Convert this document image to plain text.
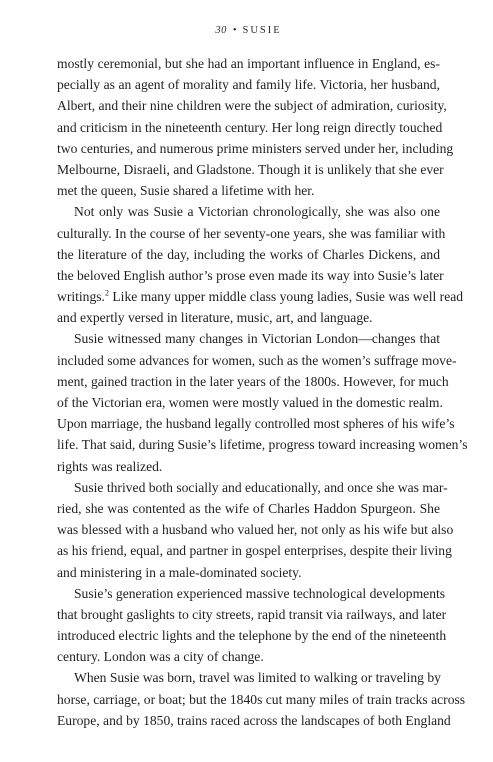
30 • SUSIE
mostly ceremonial, but she had an important influence in England, es-
pecially as an agent of morality and family life. Victoria, her husband,
Albert, and their nine children were the subject of admiration, curiosity,
and criticism in the nineteenth century. Her long reign directly touched
two centuries, and numerous prime ministers served under her, including
Melbourne, Disraeli, and Gladstone. Though it is unlikely that she ever
met the queen, Susie shared a lifetime with her.
Not only was Susie a Victorian chronologically, she was also one
culturally. In the course of her seventy-one years, she was familiar with
the literature of the day, including the works of Charles Dickens, and
the beloved English author’s prose even made its way into Susie’s later
writings.$^2$ Like many upper middle class young ladies, Susie was well read
and expertly versed in literature, music, art, and language.
Susie witnessed many changes in Victorian London—changes that
included some advances for women, such as the women’s suffrage move-
ment, gained traction in the later years of the 1800s. However, for much
of the Victorian era, women were mostly valued in the domestic realm.
Upon marriage, the husband legally controlled most spheres of his wife’s
life. That said, during Susie’s lifetime, progress toward increasing women’s
rights was realized.
Susie thrived both socially and educationally, and once she was mar-
ried, she was contented as the wife of Charles Haddon Spurgeon. She
was blessed with a husband who valued her, not only as his wife but also
as his friend, equal, and partner in gospel enterprises, despite their living
and ministering in a male-dominated society.
Susie’s generation experienced massive technological developments
that brought gaslights to city streets, rapid transit via railways, and later
introduced electric lights and the telephone by the end of the nineteenth
century. London was a city of change.
When Susie was born, travel was limited to walking or traveling by
horse, carriage, or boat; but the 1840s cut many miles of train tracks across
Europe, and by 1850, trains raced across the landscapes of both England
